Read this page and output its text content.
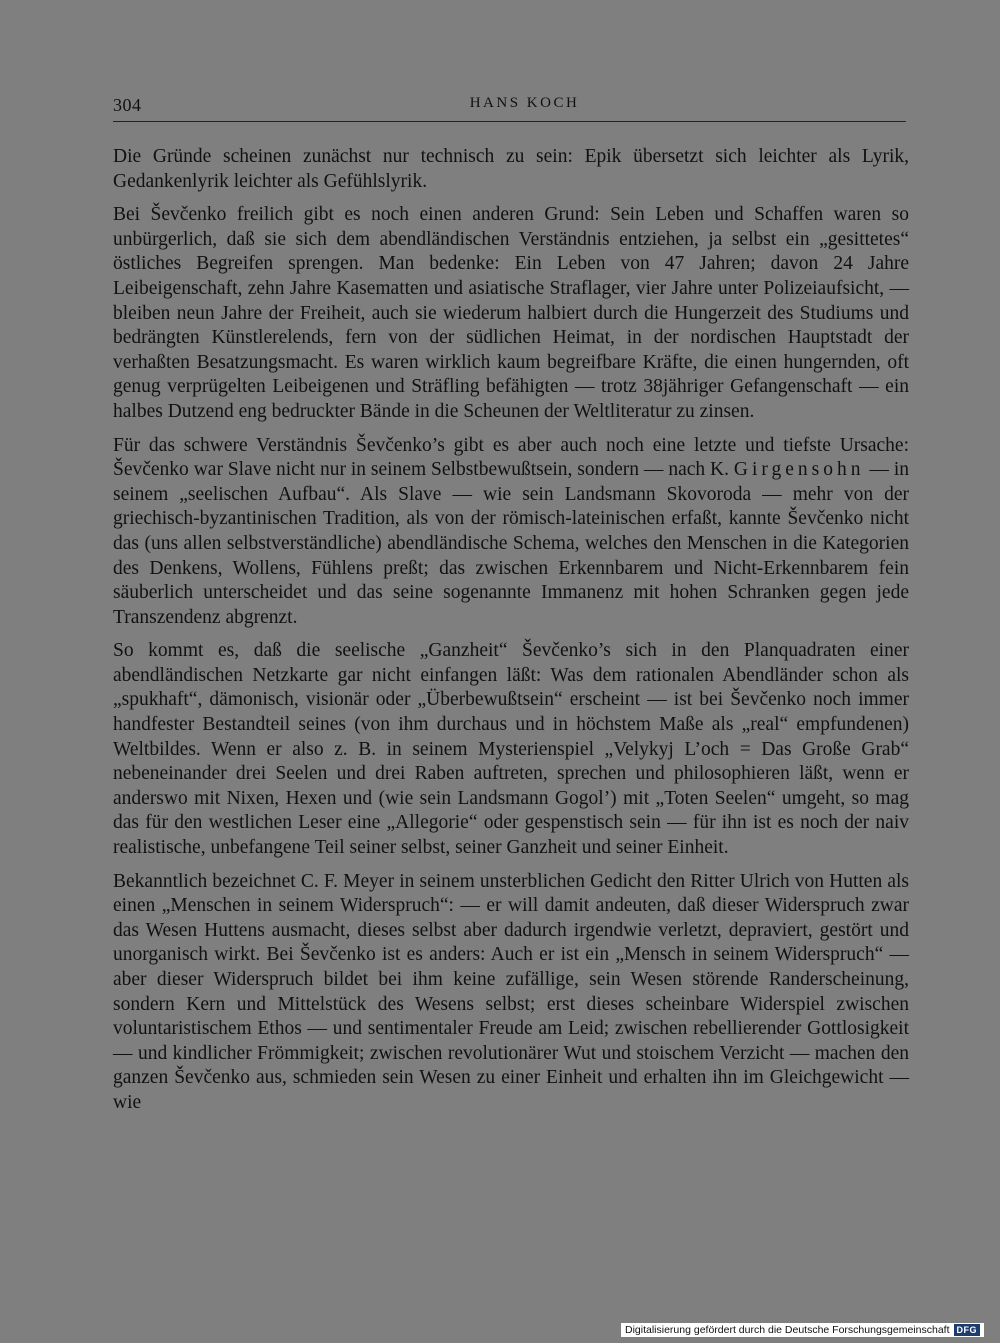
304	HANS KOCH

Die Gründe scheinen zunächst nur technisch zu sein: Epik übersetzt sich leichter als Lyrik, Gedankenlyrik leichter als Gefühlslyrik.

Bei Ševčenko freilich gibt es noch einen anderen Grund: Sein Leben und Schaffen waren so unbürgerlich, daß sie sich dem abendländischen Verständnis entziehen, ja selbst ein „gesittetes“ östliches Begreifen sprengen. Man bedenke: Ein Leben von 47 Jahren; davon 24 Jahre Leibeigenschaft, zehn Jahre Kasematten und asiatische Straflager, vier Jahre unter Polizeiaufsicht, — bleiben neun Jahre der Freiheit, auch sie wiederum halbiert durch die Hungerzeit des Studiums und bedrängten Künstlerelends, fern von der südlichen Heimat, in der nordischen Hauptstadt der verhaßten Besatzungsmacht. Es waren wirklich kaum begreifbare Kräfte, die einen hungernden, oft genug verprügelten Leibeigenen und Sträfling befähigten — trotz 38jähriger Gefangenschaft — ein halbes Dutzend eng bedruckter Bände in die Scheunen der Weltliteratur zu zinsen.

Für das schwere Verständnis Ševčenko’s gibt es aber auch noch eine letzte und tiefste Ursache: Ševčenko war Slave nicht nur in seinem Selbstbewußtsein, sondern — nach K. Girgensohn — in seinem „seelischen Aufbau“. Als Slave — wie sein Landsmann Skovoroda — mehr von der griechisch-byzantinischen Tradition, als von der römisch-lateinischen erfaßt, kannte Ševčenko nicht das (uns allen selbstverständliche) abendländische Schema, welches den Menschen in die Kategorien des Denkens, Wollens, Fühlens preßt; das zwischen Erkennbarem und Nicht-Erkennbarem fein säuberlich unterscheidet und das seine sogenannte Immanenz mit hohen Schranken gegen jede Transzendenz abgrenzt.

So kommt es, daß die seelische „Ganzheit“ Ševčenko’s sich in den Planquadraten einer abendländischen Netzkarte gar nicht einfangen läßt: Was dem rationalen Abendländer schon als „spukhaft“, dämonisch, visionär oder „Überbewußtsein“ erscheint — ist bei Ševčenko noch immer handfester Bestandteil seines (von ihm durchaus und in höchstem Maße als „real“ empfundenen) Weltbildes. Wenn er also z. B. in seinem Mysterienspiel „Velykyj L’och = Das Große Grab“ nebeneinander drei Seelen und drei Raben auftreten, sprechen und philosophieren läßt, wenn er anderswo mit Nixen, Hexen und (wie sein Landsmann Gogol’) mit „Toten Seelen“ umgeht, so mag das für den westlichen Leser eine „Allegorie“ oder gespenstisch sein — für ihn ist es noch der naiv realistische, unbefangene Teil seiner selbst, seiner Ganzheit und seiner Einheit.

Bekanntlich bezeichnet C. F. Meyer in seinem unsterblichen Gedicht den Ritter Ulrich von Hutten als einen „Menschen in seinem Widerspruch“: — er will damit andeuten, daß dieser Widerspruch zwar das Wesen Huttens ausmacht, dieses selbst aber dadurch irgendwie verletzt, depraviert, gestört und unorganisch wirkt. Bei Ševčenko ist es anders: Auch er ist ein „Mensch in seinem Widerspruch“ — aber dieser Widerspruch bildet bei ihm keine zufällige, sein Wesen störende Randerscheinung, sondern Kern und Mittelstück des Wesens selbst; erst dieses scheinbare Widerspiel zwischen voluntaristischem Ethos — und sentimentaler Freude am Leid; zwischen rebellierender Gottlosigkeit — und kindlicher Frömmigkeit; zwischen revolutionärer Wut und stoischem Verzicht — machen den ganzen Ševčenko aus, schmieden sein Wesen zu einer Einheit und erhalten ihn im Gleichgewicht — wie

Digitalisierung gefördert durch die Deutsche Forschungsgemeinschaft DFG
